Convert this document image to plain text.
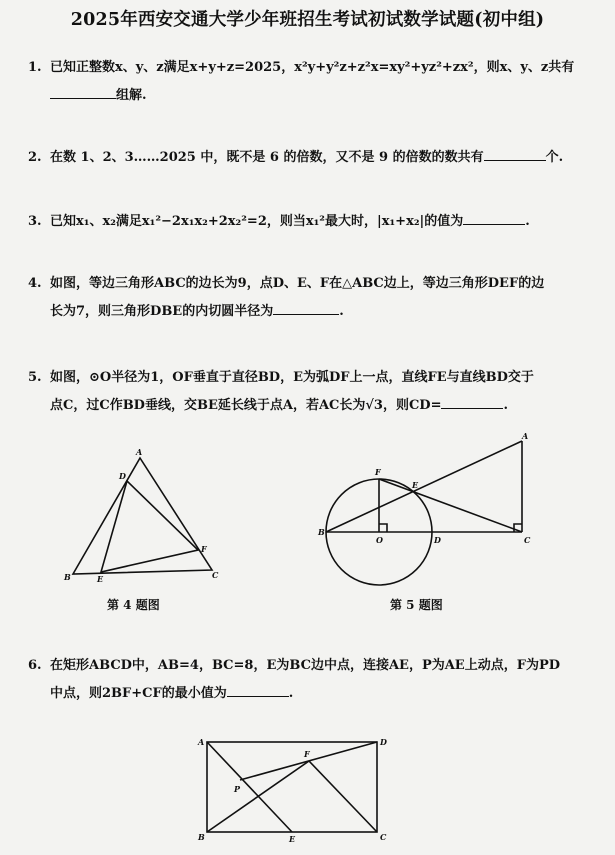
2025年西安交通大学少年班招生考试初试数学试题(初中组)
1. 已知正整数x、y、z满足x+y+z=2025，x²y+y²z+z²x=xy²+yz²+zx²，则x、y、z共有
组解.
2. 在数 1、2、3……2025 中，既不是 6 的倍数，又不是 9 的倍数的数共有	个.
3. 已知x₁、x₂满足x₁²−2x₁x₂+2x₂²=2，则当x₁²最大时，|x₁+x₂|的值为	.
4. 如图，等边三角形ABC的边长为9，点D、E、F在△ABC边上，等边三角形DEF的边
长为7，则三角形DBE的内切圆半径为	.
5. 如图，⊙O半径为1，OF垂直于直径BD，E为弧DF上一点，直线FE与直线BD交于
点C，过C作BD垂线，交BE延长线于点A，若AC长为√3，则CD=	.
A
D
F
B	E	C
A
F
E
B
O	D	C
第 4 题图	第 5 题图
6. 在矩形ABCD中，AB=4，BC=8，E为BC边中点，连接AE，P为AE上动点，F为PD
中点，则2BF+CF的最小值为	.
A	D
F
P
B	E	C
